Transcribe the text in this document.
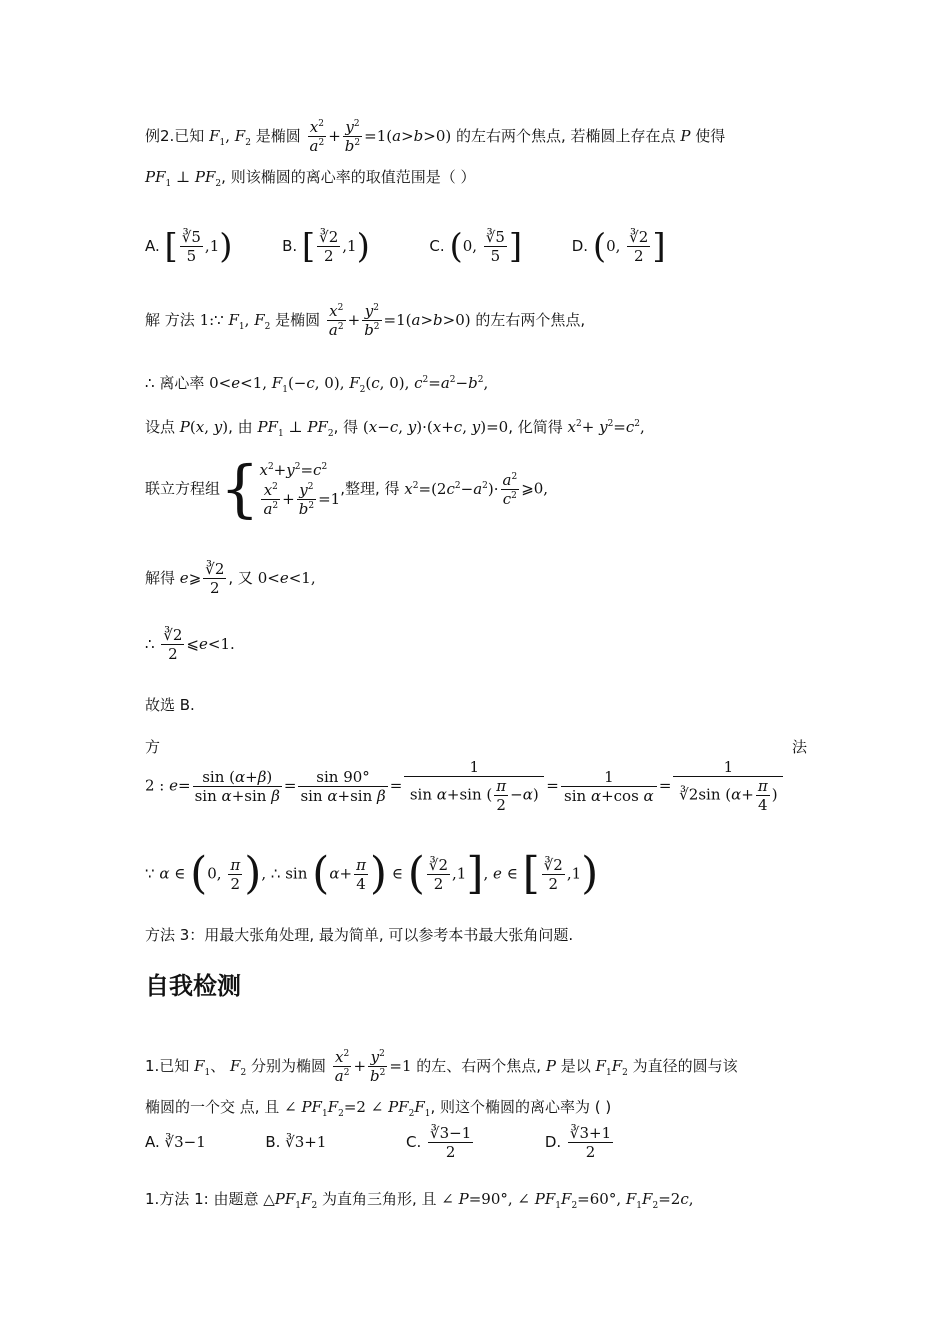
例2.已知 $F_1$, $F_2$ 是椭圆 $\frac{x^2}{a^2} + \frac{y^2}{b^2} =1(a>b>0)$ 的左右两个焦点, 若椭圆上存在点 P 使得
$PF_1$ ⊥ $PF_2$, 则该椭圆的离心率的取值范围是（ ）
A. [ $\frac{∛5}{5} ,1$)	B. [ $\frac{∛2}{2} ,1$)	C. (0, $\frac{∛5}{5}$ ]	D. (0, $\frac{∛2}{2}$ ]
解 方法 1:∵ $F_1$, $F_2$ 是椭圆 $\frac{x^2}{a^2} + \frac{y^2}{b^2} =1(a>b>0)$ 的左右两个焦点,
∴ 离心率 0<e<1, $F_1(-c$, 0), $F_2(c$, 0), $c^2=a^2-b^2$,
设点 P(x, y), 由 $PF_1$ ⊥ $PF_2$, 得 (x−c, y)·(x+c, y)=0, 化简得 $x^2+ y^2=c^2$,
联立方程组{ $x^2+y^2=c^2$
$\frac{x^2}{a^2} + \frac{y^2}{b^2} =1$
,整理, 得 $x^2=(2c^2-a^2)\cdot \frac{a^2}{c^2}$ ⩾0,
解得 e⩾ $\frac{∛2}{2}$ , 又 0<e<1,
∴ $\frac{∛2}{2}$ ⩽e<1.
故选 B.
方	法
2 : $e= \frac{\sin (\alpha+\beta)}{\text{sin α+sin β}} = \frac{\sin 90^\circ}{\text{sin α+sin β}} = \frac{1}{\sin \alpha+\sin ( \frac{\pi}{2} -\alpha)} = \frac{1}{\text{sin α+cos α}} = \frac{1}{∛2\sin (\alpha+ \frac{\pi}{4} )}$
∵ α ∈ (0, $\frac{\pi}{2}$ ), ∴ $\sin (\alpha+ \frac{\pi}{4}$ ) ∈ ( $\frac{∛2}{2} ,1$], e ∈ [ $\frac{∛2}{2} ,1$)
方法 3：用最大张角处理, 最为简单, 可以参考本书最大张角问题.
自我检测
1.已知 $F_1$、 $F_2$ 分别为椭圆 $\frac{x^2}{a^2} + \frac{y^2}{b^2} =1$ 的左、右两个焦点, P 是以 $F_1F_2$ 为直径的圆与该
椭圆的一个交 点, 且 ∠ $PF_1F_2=2$ ∠ $PF_2F_1$, 则这个椭圆的离心率为 ( )
A. ∛3−1	B. ∛3+1	C. $\frac{∛3-1}{2}$	D. $\frac{∛3+1}{2}$
1.方法 1: 由题意 $\triangle PF_1F_2$ 为直角三角形, 且 ∠ P=90°, ∠ $PF_1F_2=60^\circ$, $F_1F_2=2c$,
